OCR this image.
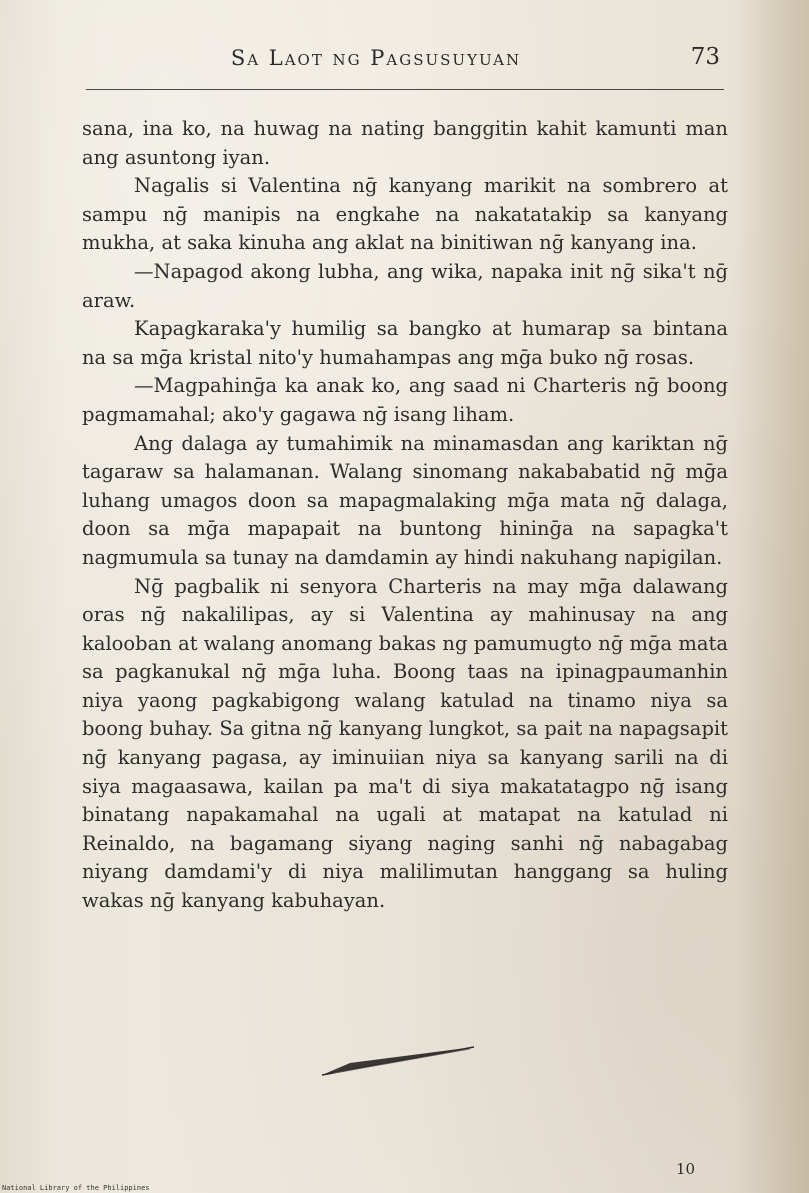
Sa Laot ng Pagsusuyuan	73

sana, ina ko, na huwag na nating banggitin kahit kamunti man ang asuntong iyan.

Nagalis si Valentina nḡ kanyang marikit na sombrero at sampu nḡ manipis na engkahe na nakatatakip sa kanyang mukha, at saka kinuha ang aklat na binitiwan nḡ kanyang ina.

—Napagod akong lubha, ang wika, napaka init nḡ sika't nḡ araw.

Kapagkaraka'y humilig sa bangko at humarap sa bintana na sa mḡa kristal nito'y humahampas ang mḡa buko nḡ rosas.

—Magpahinḡa ka anak ko, ang saad ni Charteris nḡ boong pagmamahal; ako'y gagawa nḡ isang liham.

Ang dalaga ay tumahimik na minamasdan ang kariktan nḡ tagaraw sa halamanan. Walang sinomang nakababatid nḡ mḡa luhang umagos doon sa mapagmalaking mḡa mata nḡ dalaga, doon sa mḡa mapapait na buntong hininḡa na sapagka't nagmumula sa tunay na damdamin ay hindi nakuhang napigilan.

Nḡ pagbalik ni senyora Charteris na may mḡa dalawang oras nḡ nakalilipas, ay si Valentina ay mahinusay na ang kalooban at walang anomang bakas ng pamumugto nḡ mḡa mata sa pagkanukal nḡ mḡa luha. Boong taas na ipinagpaumanhin niya yaong pagkabigong walang katulad na tinamo niya sa boong buhay. Sa gitna nḡ kanyang lungkot, sa pait na napagsapit nḡ kanyang pagasa, ay iminuiian niya sa kanyang sarili na di siya magaasawa, kailan pa ma't di siya makatatagpo nḡ isang binatang napakamahal na ugali at matapat na katulad ni Reinaldo, na bagamang siyang naging sanhi nḡ nabagabag niyang damdami'y di niya malilimutan hanggang sa huling wakas nḡ kanyang kabuhayan.

10
National Library of the Philippines
